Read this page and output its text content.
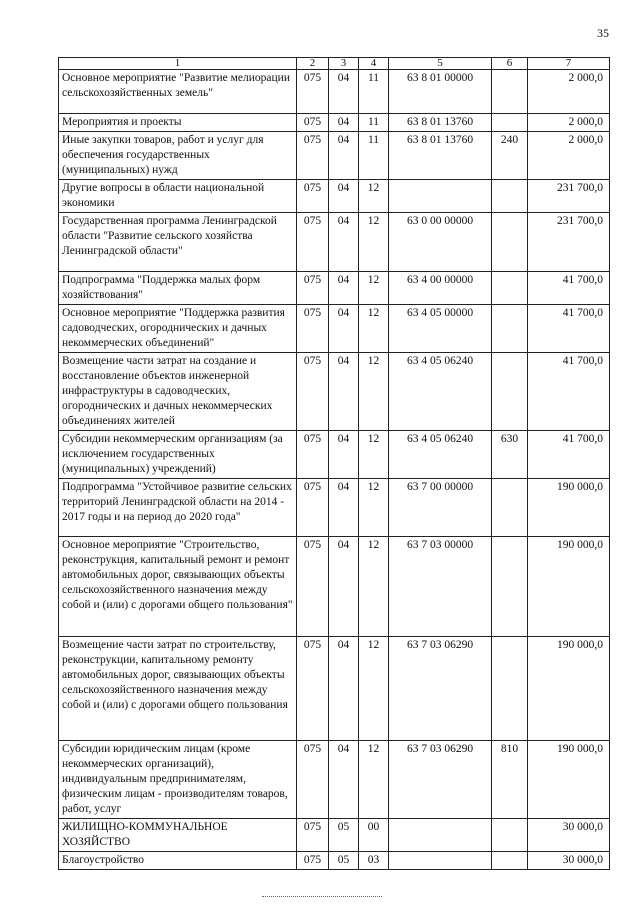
35
1	2	3	4	5	6	7
Основное мероприятие "Развитие мелиорации сельскохозяйственных земель"	075	04	11	63 8 01 00000		2 000,0
Мероприятия и проекты	075	04	11	63 8 01 13760		2 000,0
Иные закупки товаров, работ и услуг для обеспечения государственных (муниципальных) нужд	075	04	11	63 8 01 13760	240	2 000,0
Другие вопросы в области национальной экономики	075	04	12			231 700,0
Государственная программа Ленинградской области "Развитие сельского хозяйства Ленинградской области"	075	04	12	63 0 00 00000		231 700,0
Подпрограмма "Поддержка малых форм хозяйствования"	075	04	12	63 4 00 00000		41 700,0
Основное мероприятие "Поддержка развития садоводческих, огороднических и дачных некоммерческих объединений"	075	04	12	63 4 05 00000		41 700,0
Возмещение части затрат на создание и восстановление объектов инженерной инфраструктуры в садоводческих, огороднических и дачных некоммерческих объединениях жителей	075	04	12	63 4 05 06240		41 700,0
Субсидии некоммерческим организациям (за исключением государственных (муниципальных) учреждений)	075	04	12	63 4 05 06240	630	41 700,0
Подпрограмма "Устойчивое развитие сельских территорий Ленинградской области на 2014 - 2017 годы и на период до 2020 года"	075	04	12	63 7 00 00000		190 000,0
Основное мероприятие "Строительство, реконструкция, капитальный ремонт и ремонт автомобильных дорог, связывающих объекты сельскохозяйственного назначения между собой и (или) с дорогами общего пользования"	075	04	12	63 7 03 00000		190 000,0
Возмещение части затрат по строительству, реконструкции, капитальному ремонту автомобильных дорог, связывающих объекты сельскохозяйственного назначения между собой и (или) с дорогами общего пользования	075	04	12	63 7 03 06290		190 000,0
Субсидии юридическим лицам (кроме некоммерческих организаций), индивидуальным предпринимателям, физическим лицам - производителям товаров, работ, услуг	075	04	12	63 7 03 06290	810	190 000,0
ЖИЛИЩНО-КОММУНАЛЬНОЕ ХОЗЯЙСТВО	075	05	00			30 000,0
Благоустройство	075	05	03			30 000,0
